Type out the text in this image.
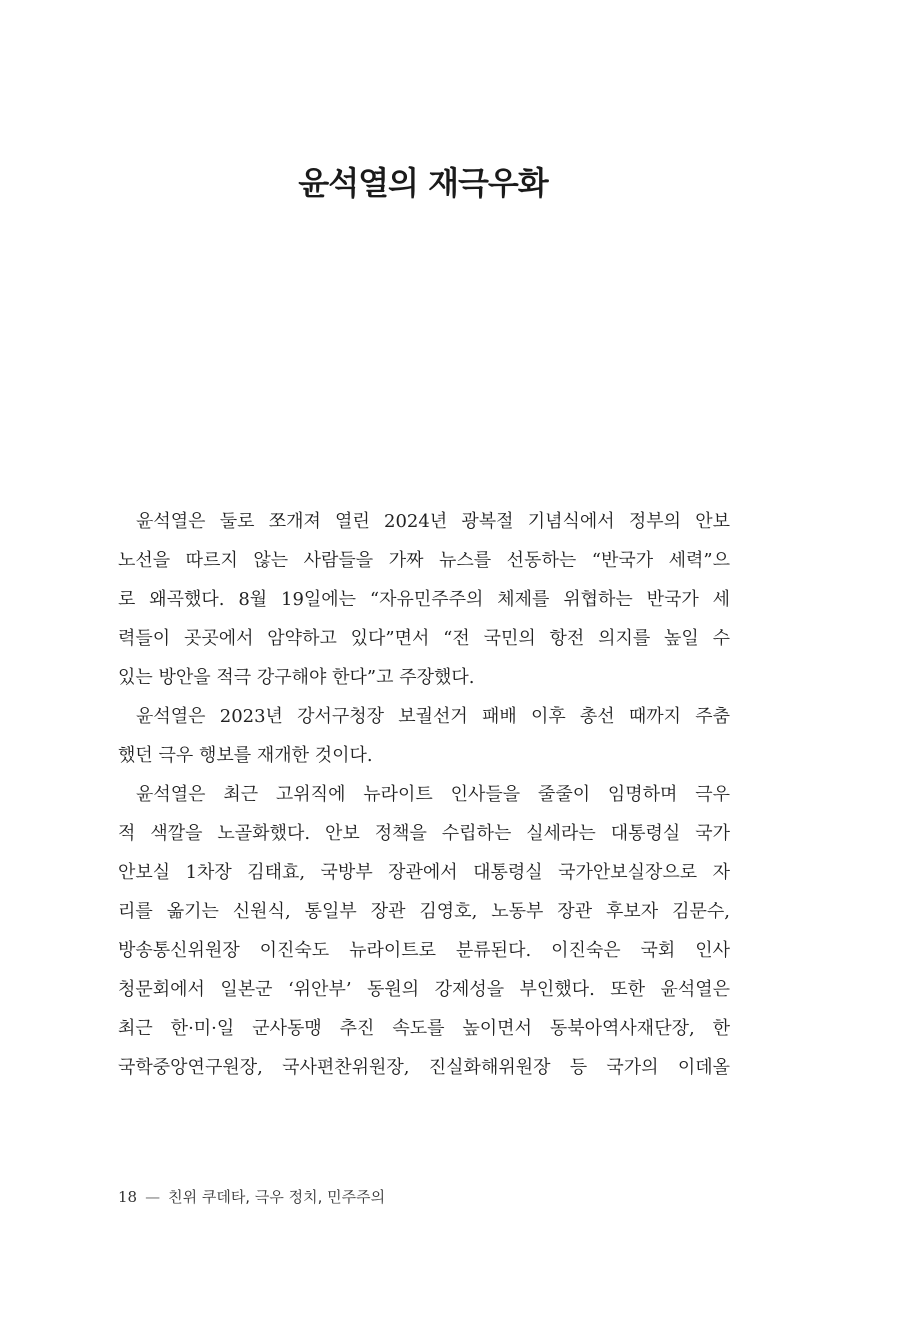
윤석열의 재극우화
윤석열은 둘로 쪼개져 열린 2024년 광복절 기념식에서 정부의 안보
노선을 따르지 않는 사람들을 가짜 뉴스를 선동하는 “반국가 세력”으
로 왜곡했다. 8월 19일에는 “자유민주주의 체제를 위협하는 반국가 세
력들이 곳곳에서 암약하고 있다”면서 “전 국민의 항전 의지를 높일 수
있는 방안을 적극 강구해야 한다”고 주장했다.
윤석열은 2023년 강서구청장 보궐선거 패배 이후 총선 때까지 주춤
했던 극우 행보를 재개한 것이다.
윤석열은 최근 고위직에 뉴라이트 인사들을 줄줄이 임명하며 극우
적 색깔을 노골화했다. 안보 정책을 수립하는 실세라는 대통령실 국가
안보실 1차장 김태효, 국방부 장관에서 대통령실 국가안보실장으로 자
리를 옮기는 신원식, 통일부 장관 김영호, 노동부 장관 후보자 김문수,
방송통신위원장 이진숙도 뉴라이트로 분류된다. 이진숙은 국회 인사
청문회에서 일본군 ‘위안부’ 동원의 강제성을 부인했다. 또한 윤석열은
최근 한·미·일 군사동맹 추진 속도를 높이면서 동북아역사재단장, 한
국학중앙연구원장, 국사편찬위원장, 진실화해위원장 등 국가의 이데올
18 — 친위 쿠데타, 극우 정치, 민주주의
